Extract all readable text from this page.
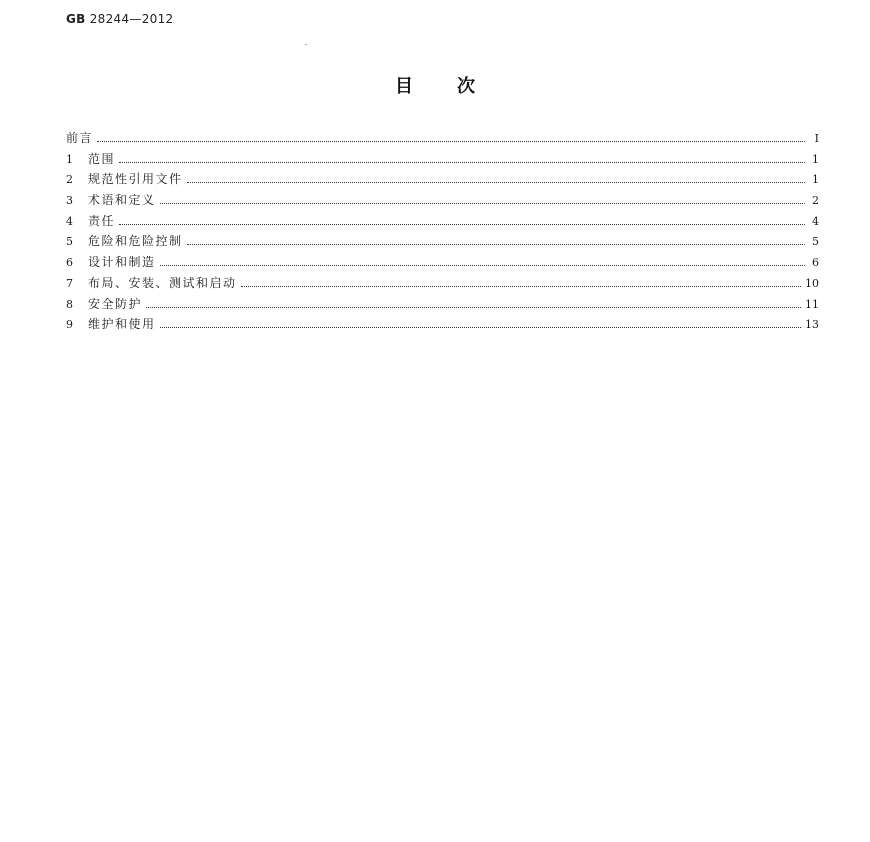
GB 28244—2012
目次
前言	Ⅰ
1	范围	1
2	规范性引用文件	1
3	术语和定义	2
4	责任	4
5	危险和危险控制	5
6	设计和制造	6
7	布局、安装、测试和启动	10
8	安全防护	11
9	维护和使用	13
